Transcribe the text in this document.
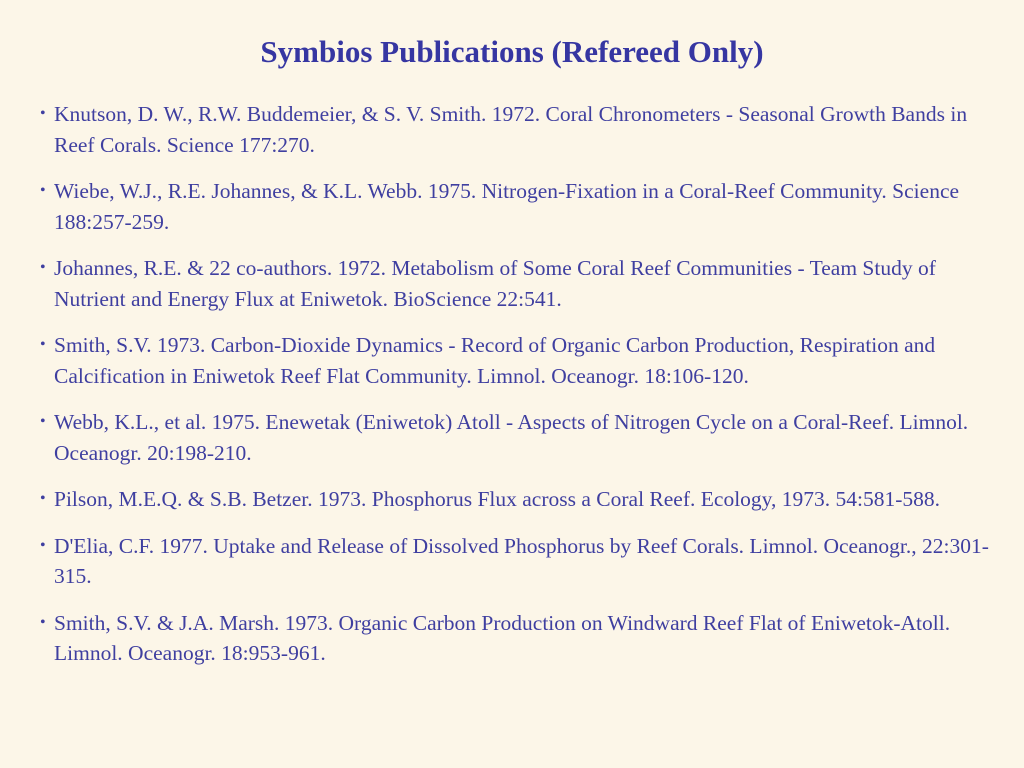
Symbios Publications (Refereed Only)
• Knutson, D. W., R.W. Buddemeier, & S. V. Smith. 1972. Coral Chronometers - Seasonal Growth Bands in Reef Corals. Science 177:270.
• Wiebe, W.J., R.E. Johannes, & K.L. Webb. 1975. Nitrogen-Fixation in a Coral-Reef Community. Science 188:257-259.
• Johannes, R.E. & 22 co-authors. 1972. Metabolism of Some Coral Reef Communities - Team Study of Nutrient and Energy Flux at Eniwetok. BioScience 22:541.
• Smith, S.V. 1973. Carbon-Dioxide Dynamics - Record of Organic Carbon Production, Respiration and Calcification in Eniwetok Reef Flat Community. Limnol. Oceanogr. 18:106-120.
• Webb, K.L., et al. 1975. Enewetak (Eniwetok) Atoll - Aspects of Nitrogen Cycle on a Coral-Reef. Limnol. Oceanogr. 20:198-210.
• Pilson, M.E.Q. & S.B. Betzer. 1973. Phosphorus Flux across a Coral Reef. Ecology, 1973. 54:581-588.
• D'Elia, C.F. 1977. Uptake and Release of Dissolved Phosphorus by Reef Corals. Limnol. Oceanogr., 22:301-315.
• Smith, S.V. & J.A. Marsh. 1973. Organic Carbon Production on Windward Reef Flat of Eniwetok-Atoll. Limnol. Oceanogr. 18:953-961.
